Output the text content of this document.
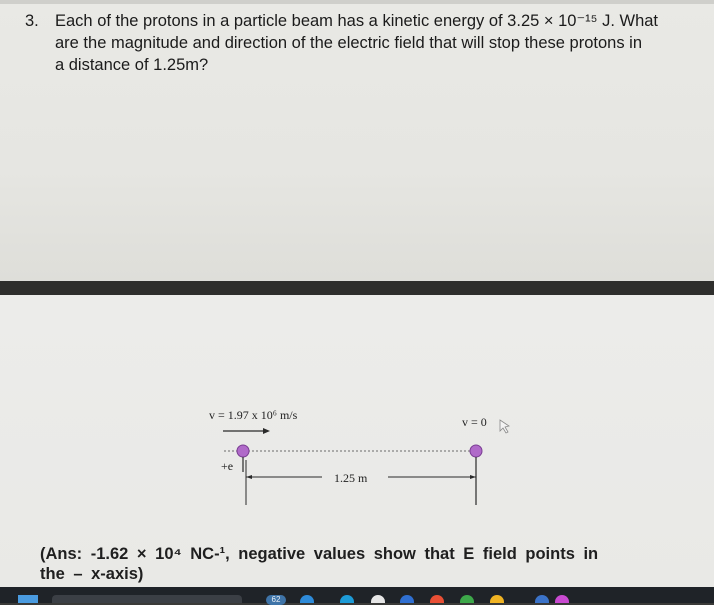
3. Each of the protons in a particle beam has a kinetic energy of 3.25 × 10⁻¹⁵ J. What
are the magnitude and direction of the electric field that will stop these protons in
a distance of 1.25m?
v = 1.97 x 10⁶ m/s
+e
v = 0
1.25 m
(Ans: -1.62 × 10⁴ NC-¹, negative values show that E field points in
the – x-axis)
62
